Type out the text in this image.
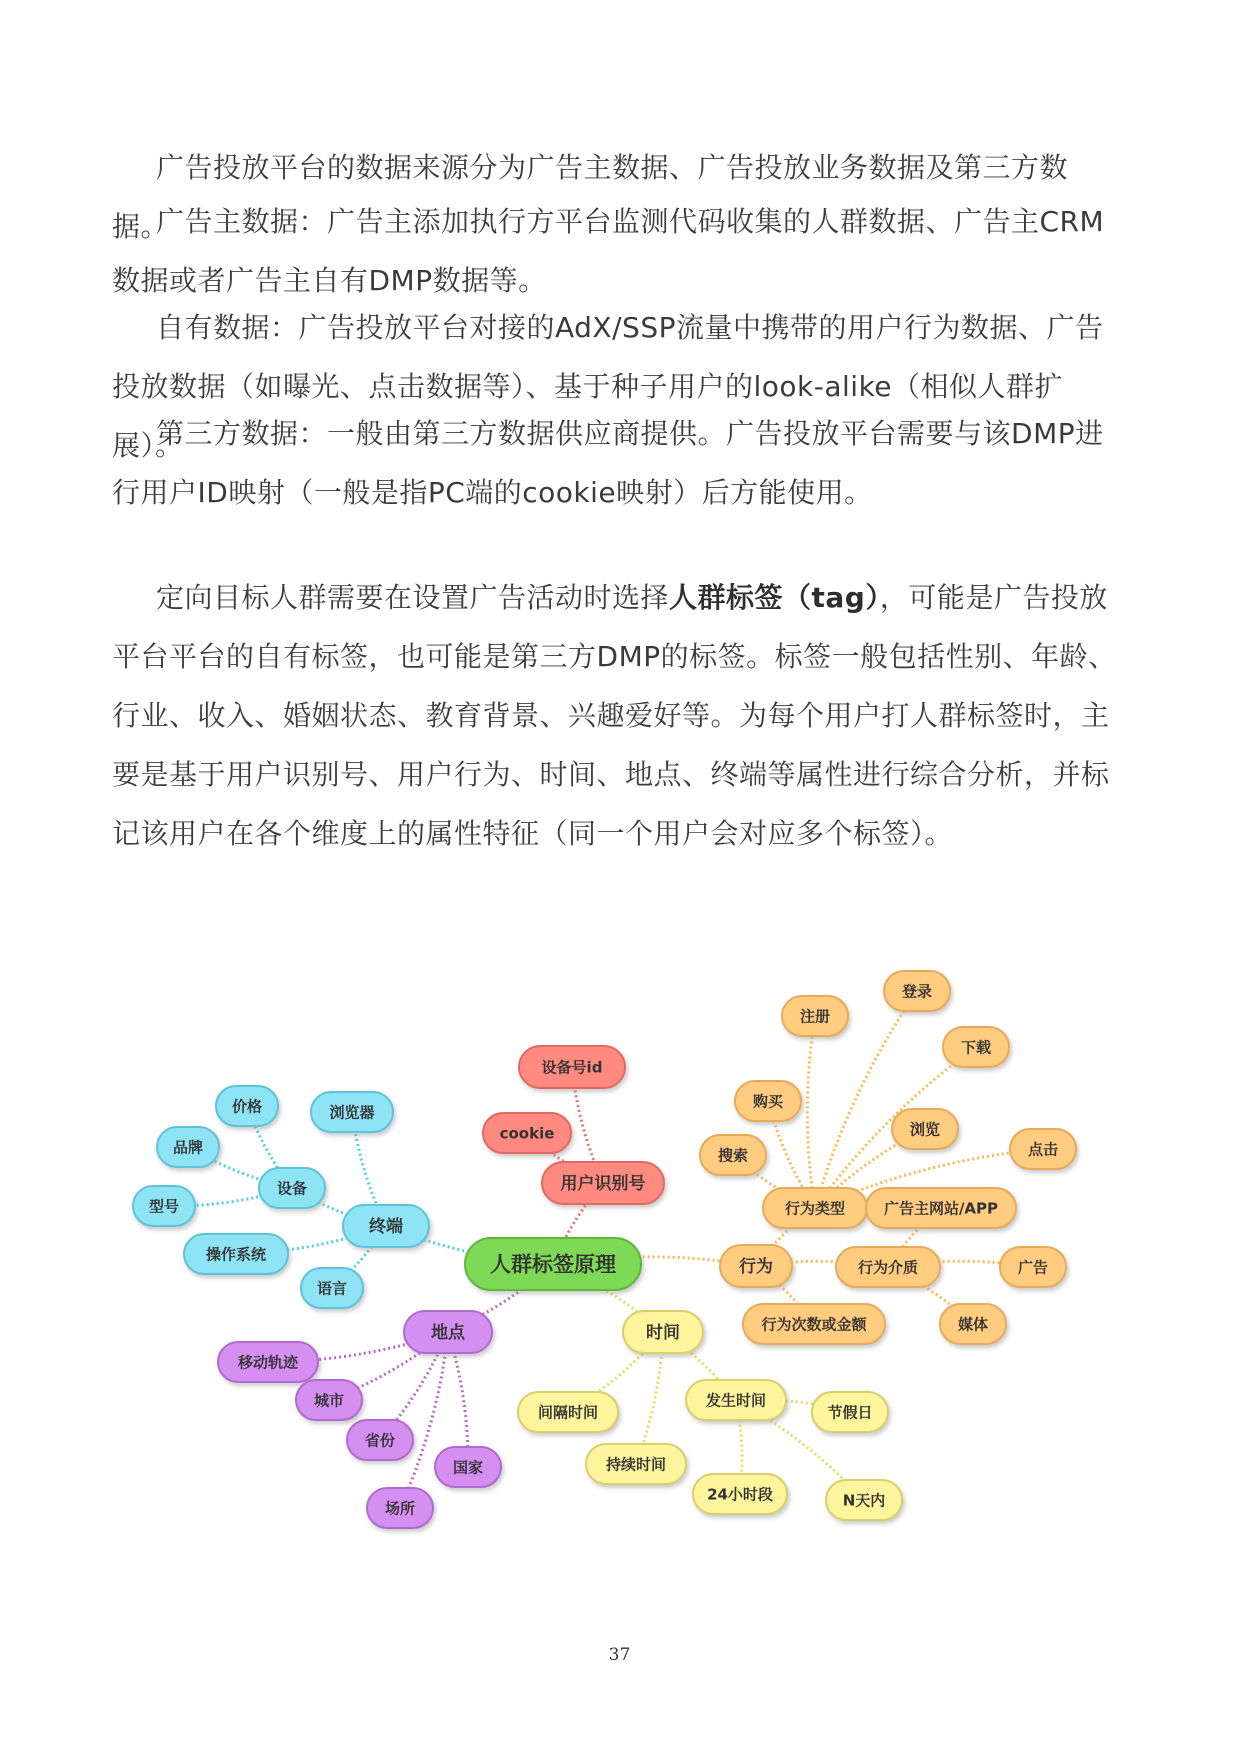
广告投放平台的数据来源分为广告主数据、广告投放业务数据及第三方数据。

广告主数据：广告主添加执行方平台监测代码收集的人群数据、广告主CRM数据或者广告主自有DMP数据等。

自有数据：广告投放平台对接的AdX/SSP流量中携带的用户行为数据、广告投放数据（如曝光、点击数据等）、基于种子用户的look-alike（相似人群扩展）。

第三方数据：一般由第三方数据供应商提供。广告投放平台需要与该DMP进行用户ID映射（一般是指PC端的cookie映射）后方能使用。

定向目标人群需要在设置广告活动时选择人群标签（tag），可能是广告投放平台平台的自有标签，也可能是第三方DMP的标签。标签一般包括性别、年龄、行业、收入、婚姻状态、教育背景、兴趣爱好等。为每个用户打人群标签时，主要是基于用户识别号、用户行为、时间、地点、终端等属性进行综合分析，并标记该用户在各个维度上的属性特征（同一个用户会对应多个标签）。

人群标签原理
用户识别号
设备号id
cookie
终端
设备
浏览器
操作系统
语言
价格
品牌
型号
地点
移动轨迹
城市
省份
国家
场所
时间
间隔时间
持续时间
发生时间
节假日
24小时段	N天内
行为
行为类型
行为介质
行为次数或金额
注册
登录
下载
购买
浏览
搜索	点击
广告主网站/APP
广告
媒体
37
